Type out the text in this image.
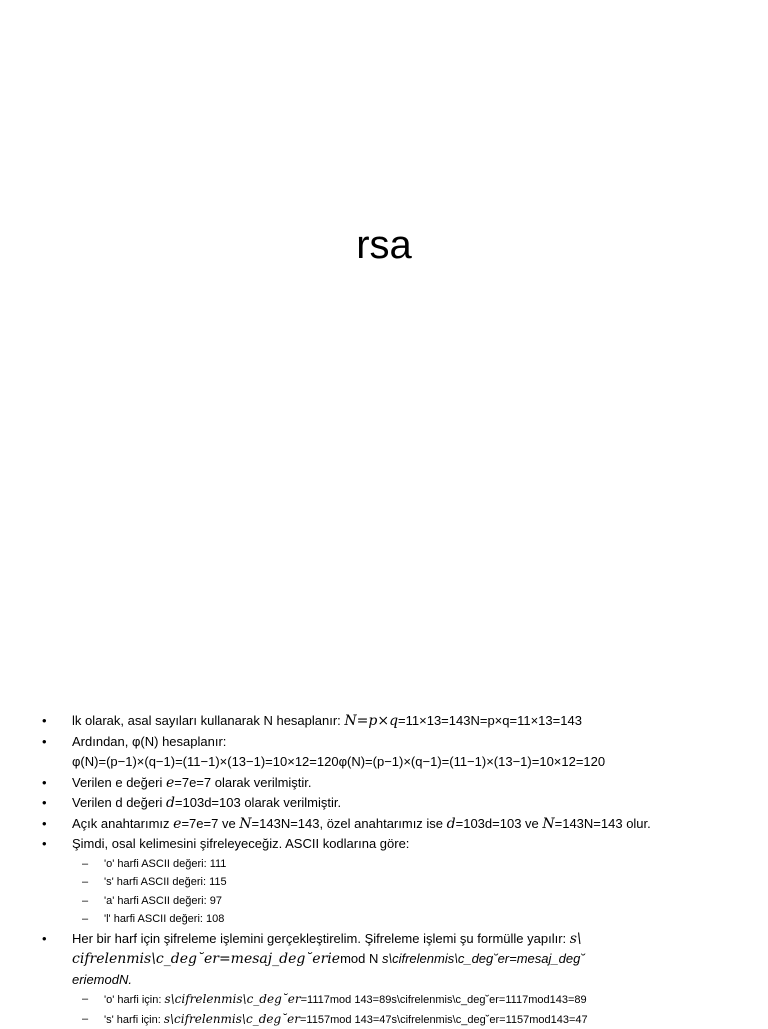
rsa
• lk olarak, asal sayıları kullanarak N hesaplanır: N=p×q=11×13=143N=p×q=11×13=143
• Ardından, φ(N) hesaplanır:
φ(N)=(p−1)×(q−1)=(11−1)×(13−1)=10×12=120φ(N)=(p−1)×(q−1)=(11−1)×(13−1)=10×12=120
• Verilen e değeri e=7e=7 olarak verilmiştir.
• Verilen d değeri d=103d=103 olarak verilmiştir.
• Açık anahtarımız e=7e=7 ve N=143N=143, özel anahtarımız ise d=103d=103 ve N=143N=143 olur.
• Şimdi, osal kelimesini şifreleyeceğiz. ASCII kodlarına göre:
– 'o' harfi ASCII değeri: 111
– 's' harfi ASCII değeri: 115
– 'a' harfi ASCII değeri: 97
– 'l' harfi ASCII değeri: 108
• Her bir harf için şifreleme işlemini gerçekleştirelim. Şifreleme işlemi şu formülle yapılır: s\
cifrelenmis\c_deg˘er=mesaj_deg˘eriemod N s\cifrelenmis\c_deg˘er=mesaj_deg˘
eriemodN.
– 'o' harfi için: s\cifrelenmis\c_deg˘er=1117mod 143=89s\cifrelenmis\c_deg˘er=1117mod143=89
– 's' harfi için: s\cifrelenmis\c_deg˘er=1157mod 143=47s\cifrelenmis\c_deg˘er=1157mod143=47
